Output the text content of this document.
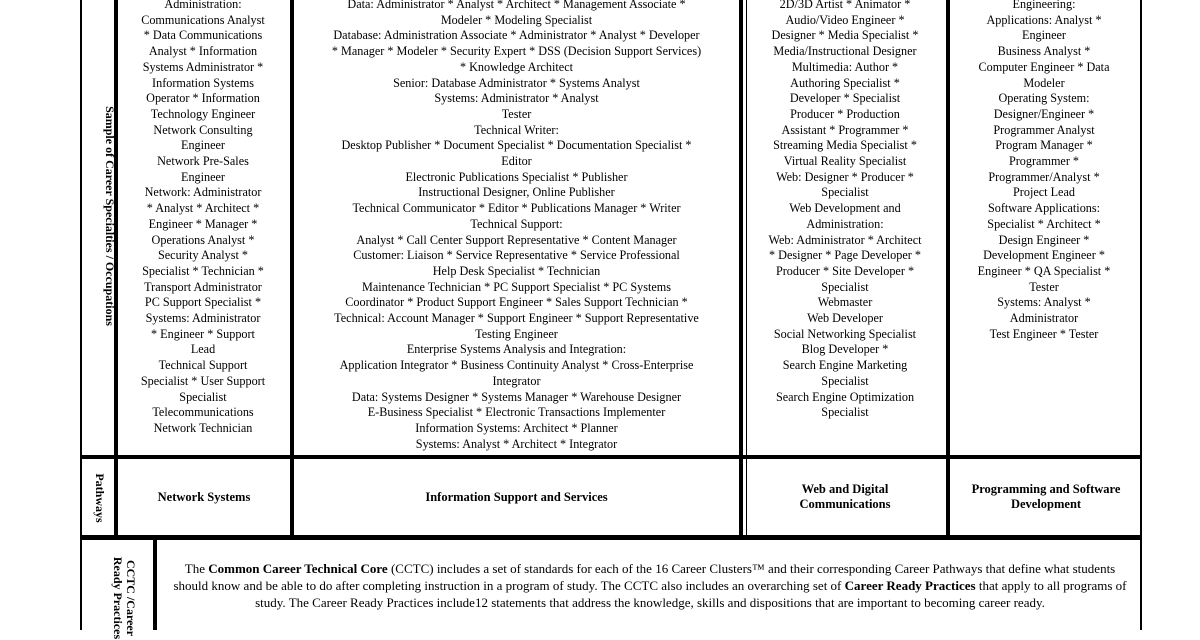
Sample of Career Specialties / Occupations
Pathways
CCTC /Career Ready Practices
Administration:
Communications Analyst
* Data Communications
Analyst * Information
Systems Administrator *
Information Systems
Operator * Information
Technology Engineer
Network Consulting
Engineer
Network Pre-Sales
Engineer
Network: Administrator
* Analyst * Architect *
Engineer * Manager *
Operations Analyst *
Security Analyst *
Specialist * Technician *
Transport Administrator
PC Support Specialist *
Systems: Administrator
* Engineer * Support
Lead
Technical Support
Specialist * User Support
Specialist
Telecommunications
Network Technician
Data: Administrator * Analyst * Architect * Management Associate *
Modeler * Modeling Specialist
Database: Administration Associate * Administrator * Analyst * Developer
* Manager * Modeler * Security Expert * DSS (Decision Support Services)
* Knowledge Architect
Senior: Database Administrator * Systems Analyst
Systems: Administrator * Analyst
Tester
Technical Writer:
Desktop Publisher * Document Specialist * Documentation Specialist *
Editor
Electronic Publications Specialist * Publisher
Instructional Designer, Online Publisher
Technical Communicator * Editor * Publications Manager * Writer
Technical Support:
Analyst * Call Center Support Representative * Content Manager
Customer: Liaison * Service Representative * Service Professional
Help Desk Specialist * Technician
Maintenance Technician * PC Support Specialist * PC Systems
Coordinator * Product Support Engineer * Sales Support Technician *
Technical: Account Manager * Support Engineer * Support Representative
Testing Engineer
Enterprise Systems Analysis and Integration:
Application Integrator * Business Continuity Analyst * Cross-Enterprise
Integrator
Data: Systems Designer * Systems Manager * Warehouse Designer
E-Business Specialist * Electronic Transactions Implementer
Information Systems: Architect * Planner
Systems: Analyst * Architect * Integrator
2D/3D Artist * Animator *
Audio/Video Engineer *
Designer * Media Specialist *
Media/Instructional Designer
Multimedia: Author *
Authoring Specialist *
Developer * Specialist
Producer * Production
Assistant * Programmer *
Streaming Media Specialist *
Virtual Reality Specialist
Web: Designer * Producer *
Specialist
Web Development and
Administration:
Web: Administrator * Architect
* Designer * Page Developer *
Producer * Site Developer *
Specialist
Webmaster
Web Developer
Social Networking Specialist
Blog Developer *
Search Engine Marketing
Specialist
Search Engine Optimization
Specialist
Engineering:
Applications: Analyst *
Engineer
Business Analyst *
Computer Engineer * Data
Modeler
Operating System:
Designer/Engineer *
Programmer Analyst
Program Manager *
Programmer *
Programmer/Analyst *
Project Lead
Software Applications:
Specialist * Architect *
Design Engineer *
Development Engineer *
Engineer * QA Specialist *
Tester
Systems: Analyst *
Administrator
Test Engineer * Tester
Network Systems	Information Support and Services
Web and Digital Communications
Programming and Software Development
The Common Career Technical Core (CCTC) includes a set of standards for each of the 16 Career Clusters™ and their corresponding Career Pathways that define what students should know and be able to do after completing instruction in a program of study. The CCTC also includes an overarching set of Career Ready Practices that apply to all programs of study. The Career Ready Practices include12 statements that address the knowledge, skills and dispositions that are important to becoming career ready.
